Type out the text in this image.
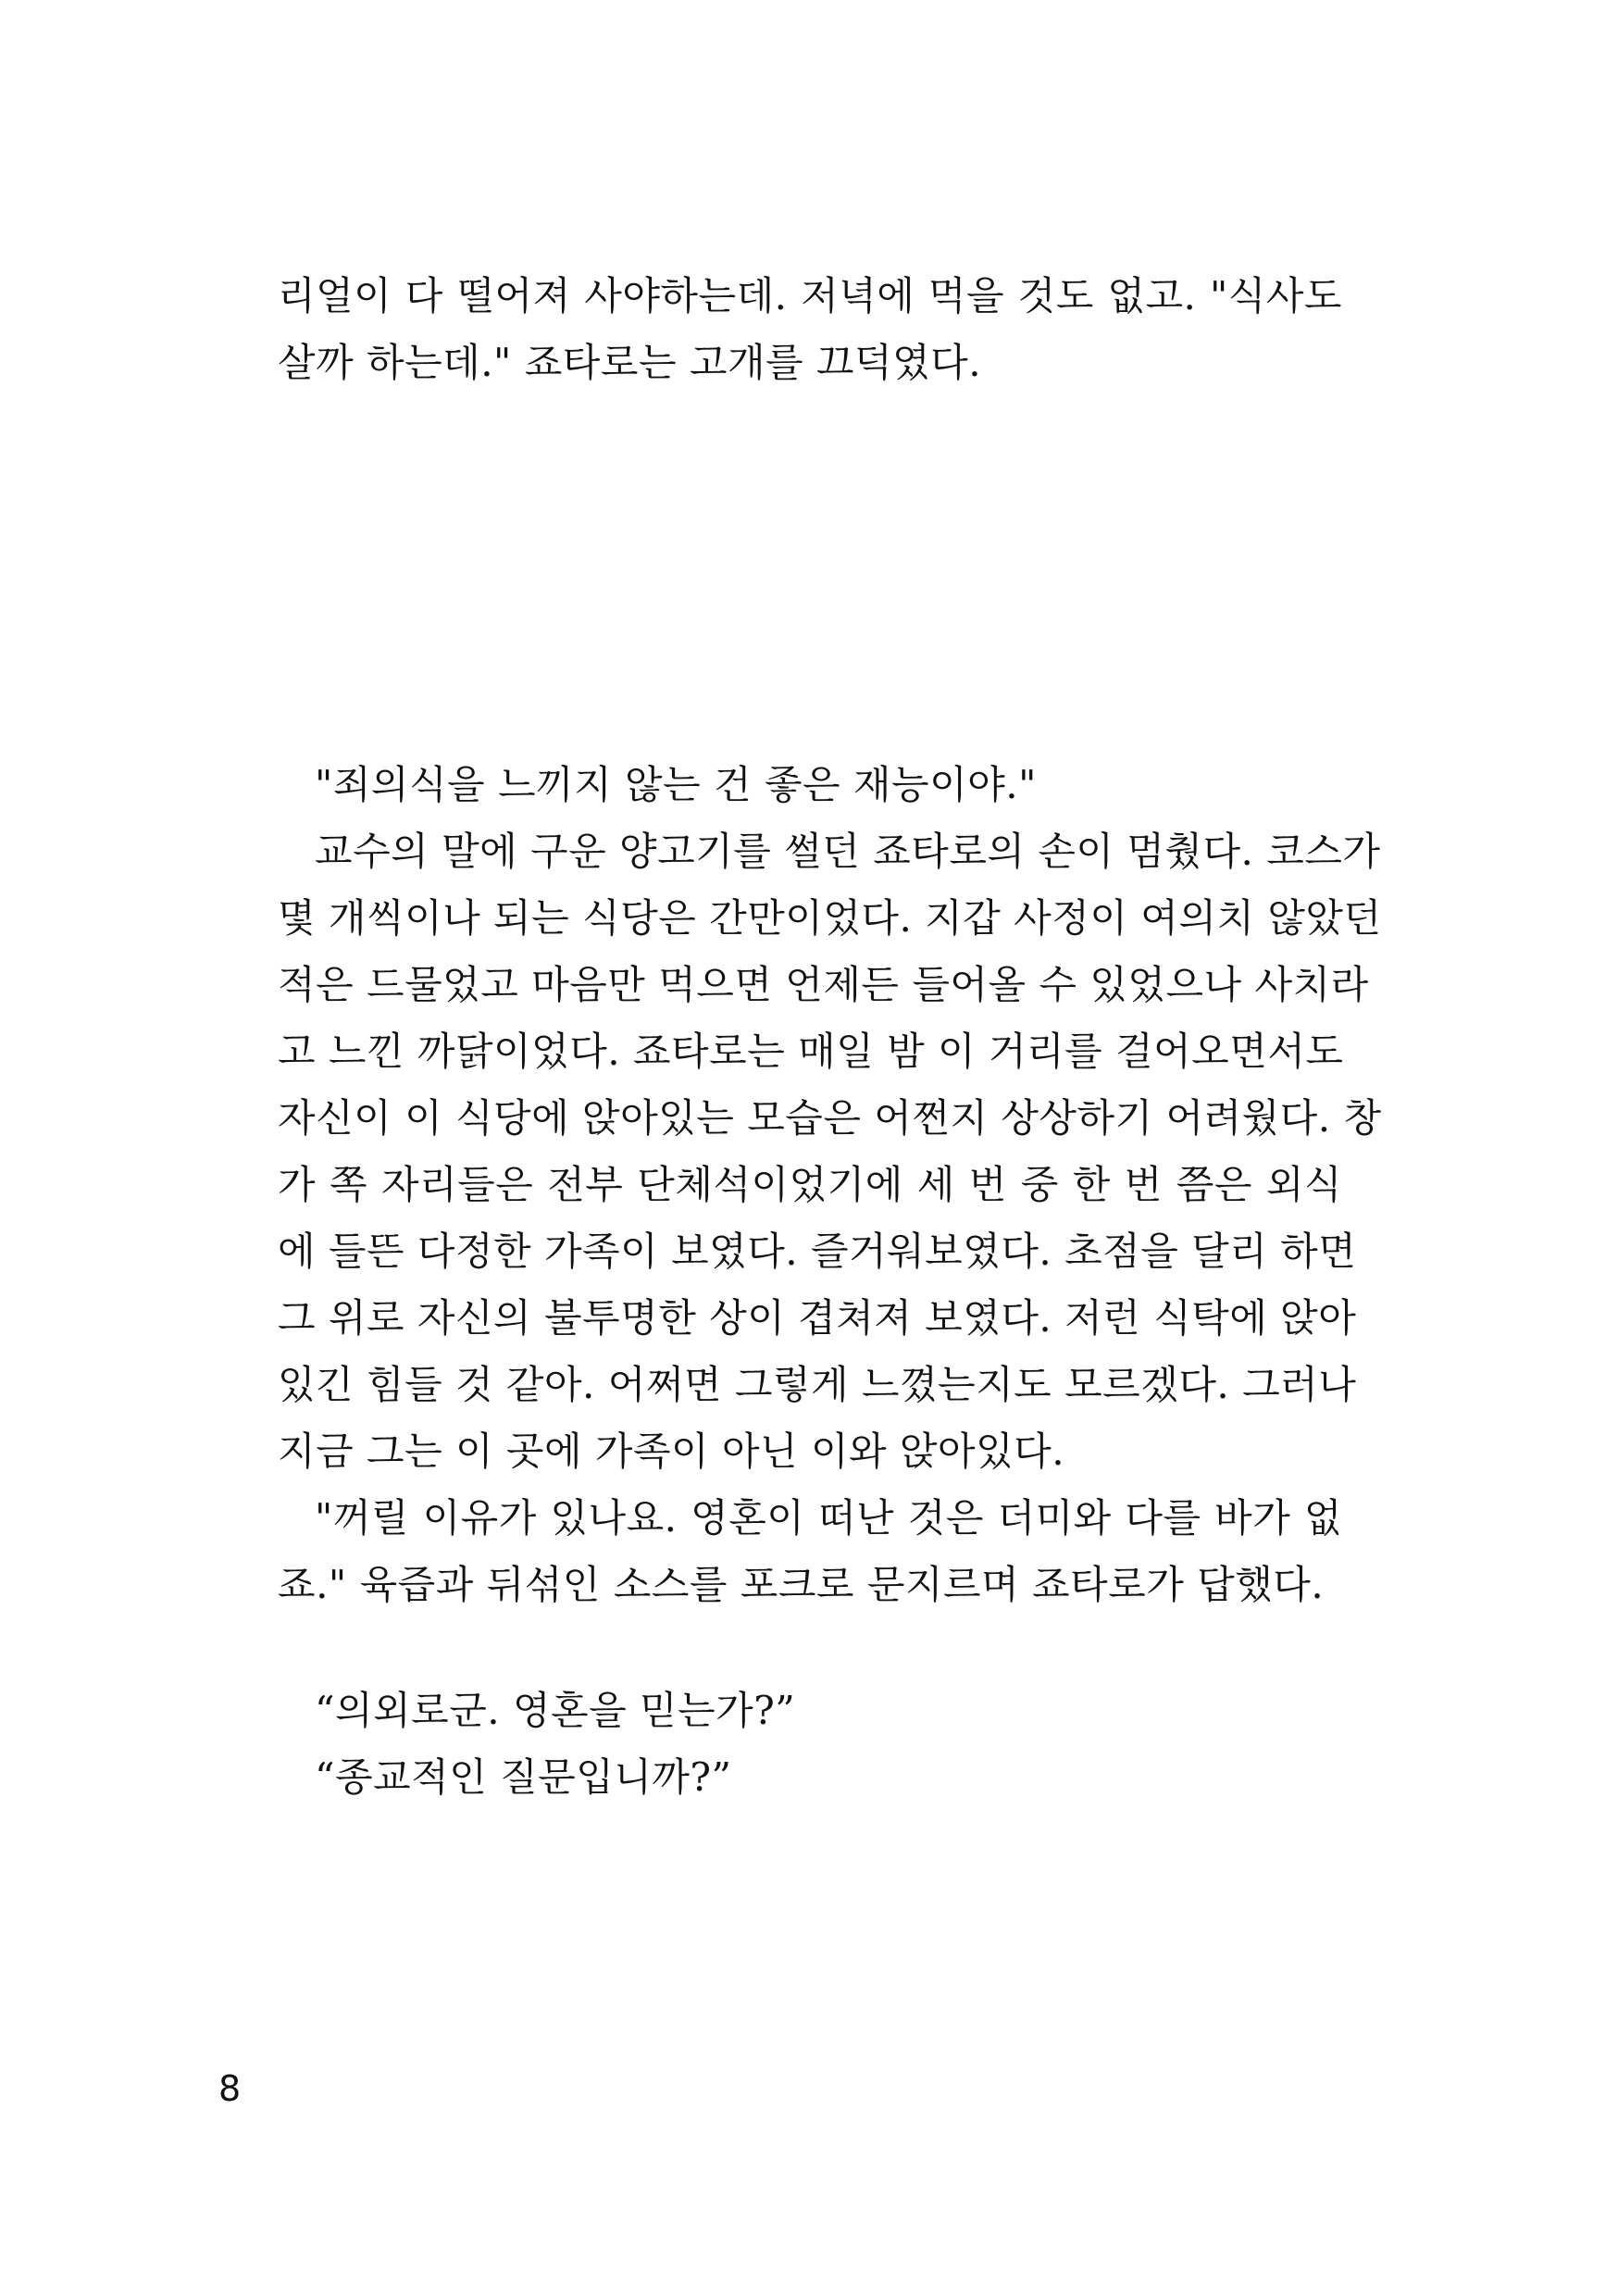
리얼이 다 떨어져 사야하는데. 저녁에 먹을 것도 없고. "식사도
살까 하는데." 죠타로는 고개를 끄덕였다.
"죄의식을 느끼지 않는 건 좋은 재능이야."
교수의 말에 구운 양고기를 썰던 죠타로의 손이 멈췄다. 코스가
몇 개씩이나 되는 식당은 간만이었다. 지갑 사정이 여의치 않았던
적은 드물었고 마음만 먹으면 언제든 들어올 수 있었으나 사치라
고 느낀 까닭이었다. 죠타로는 매일 밤 이 거리를 걸어오면서도
자신이 이 식당에 앉아있는 모습은 어쩐지 상상하기 어려웠다. 창
가 쪽 자리들은 전부 단체석이었기에 세 번 중 한 번 쯤은 외식
에 들뜬 다정한 가족이 보였다. 즐거워보였다. 초점을 달리 하면
그 위로 자신의 불투명한 상이 겹쳐져 보였다. 저런 식탁에 앉아
있긴 힘들 것 같아. 어쩌면 그렇게 느꼈는지도 모르겠다. 그러나
지금 그는 이 곳에 가족이 아닌 이와 앉아있다.
"꺼릴 이유가 있나요. 영혼이 떠난 것은 더미와 다를 바가 없
죠." 육즙과 뒤섞인 소스를 포크로 문지르며 죠타로가 답했다.
“의외로군. 영혼을 믿는가?”
“종교적인 질문입니까?”
8
